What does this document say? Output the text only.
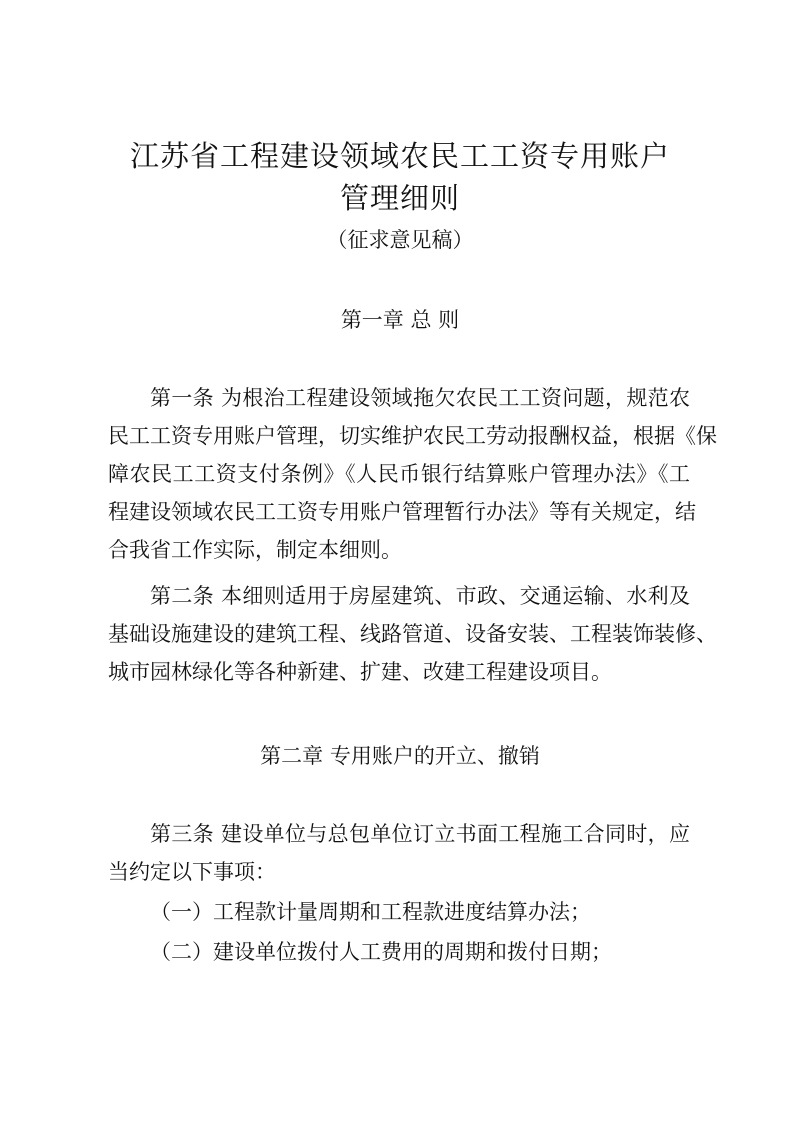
江苏省工程建设领域农民工工资专用账户
管理细则
（征求意见稿）
第一章 总 则
第一条 为根治工程建设领域拖欠农民工工资问题，规范农
民工工资专用账户管理，切实维护农民工劳动报酬权益，根据《保
障农民工工资支付条例》《人民币银行结算账户管理办法》《工
程建设领域农民工工资专用账户管理暂行办法》等有关规定，结
合我省工作实际，制定本细则。
第二条 本细则适用于房屋建筑、市政、交通运输、水利及
基础设施建设的建筑工程、线路管道、设备安装、工程装饰装修、
城市园林绿化等各种新建、扩建、改建工程建设项目。
第二章 专用账户的开立、撤销
第三条 建设单位与总包单位订立书面工程施工合同时，应
当约定以下事项：
（一）工程款计量周期和工程款进度结算办法；
（二）建设单位拨付人工费用的周期和拨付日期；
